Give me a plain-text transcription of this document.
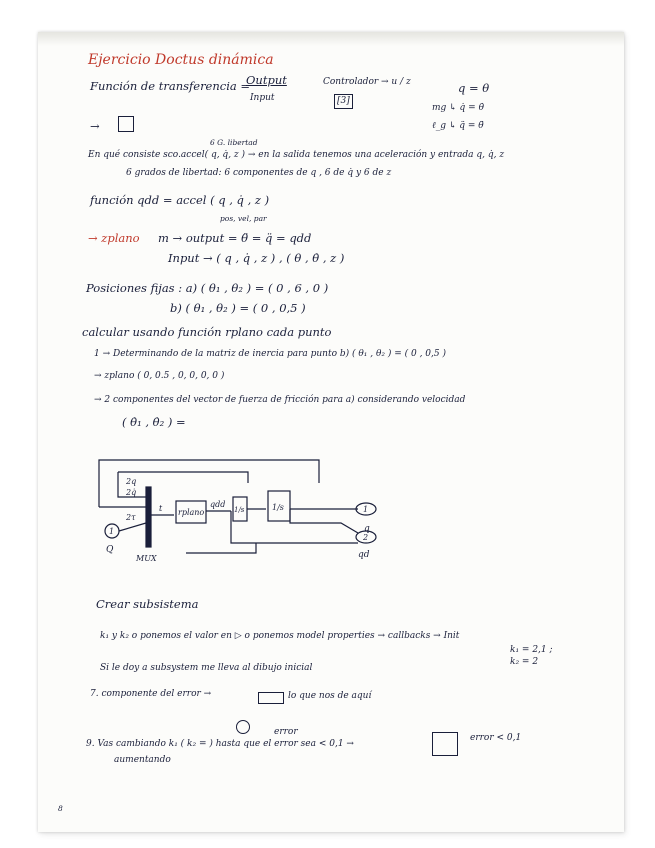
Ejercicio Doctus dinámica
Función de transferencia =
Output
Input
Controlador → u / z
[3]
q = θ
mg ↳ q̇ = θ̇
ℓ_g ↳ q̈ = θ̈
→
6 G. libertad
En qué consiste sco.accel( q, q̇, z ) → en la salida tenemos una aceleración y entrada q, q̇, z
6 grados de libertad: 6 componentes de q , 6 de q̇ y 6 de z
función qdd = accel ( q , q̇ , z )
pos, vel, par
→ zplano m → output = θ̈ = q̈ = qdd
Input → ( q , q̇ , z ) , ( θ , θ̇ , z )
Posiciones fijas : a) ( θ₁ , θ₂ ) = ( 0 , 6 , 0 )
b) ( θ₁ , θ₂ ) = ( 0 , 0,5 )
calcular usando función rplano cada punto
1 → Determinando de la matriz de inercia para punto b) ( θ₁ , θ₂ ) = ( 0 , 0,5 )
→ zplano ( 0, 0.5 , 0, 0, 0, 0 )
→ 2 componentes del vector de fuerza de fricción para a) considerando velocidad
( θ̇₁ , θ̇₂ ) =
2q
2q̇
2τ
1
Q
MUX
t rplano
qdd
1/s	1/s	1
q
2
qd
Crear subsistema
k₁ y k₂ o ponemos el valor en ▷ o ponemos model properties → callbacks → Init
k₁ = 2,1 ;
k₂ = 2
Si le doy a subsystem me lleva al dibujo inicial
7. componente del error →	lo que nos de aquí
error
9. Vas cambiando k₁ ( k₂ = ) hasta que el error sea < 0,1 →
aumentando
error < 0,1
8
